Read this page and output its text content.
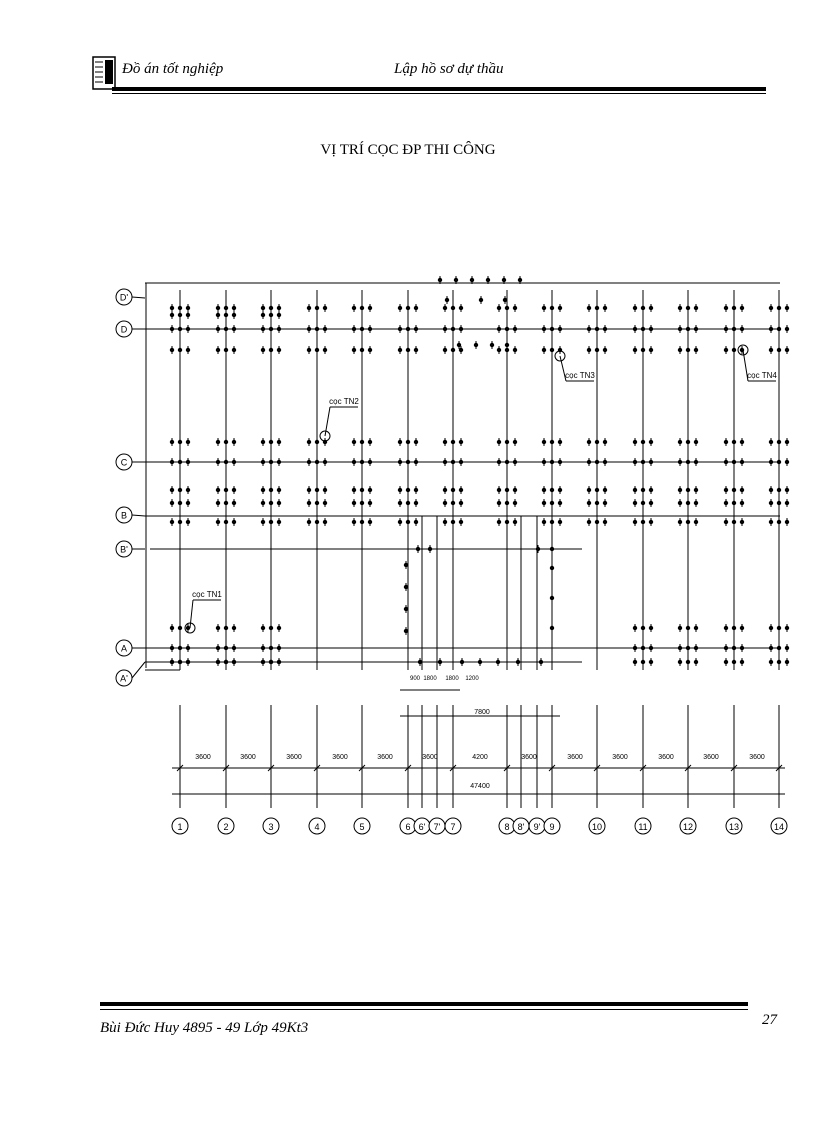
Đồ án tốt nghiệp	Lập hồ sơ dự thầu
VỊ TRÍ CỌC ĐP THI CÔNG
cọc TN1
cọc TN2
cọc TN3	cọc TN4
D'
D
C
B
B'
A
A'
1	2	3	4	5	6 6' 7' 7	8 8' 9' 9	10	11	12	13	14
3600	3600	3600	3600	3600	3600	4200	3600	3600	3600	3600	3600	3600
47400
900 1800 1800 1200
7800
Bùi Đức Huy 4895 - 49 Lớp 49Kt3	27
